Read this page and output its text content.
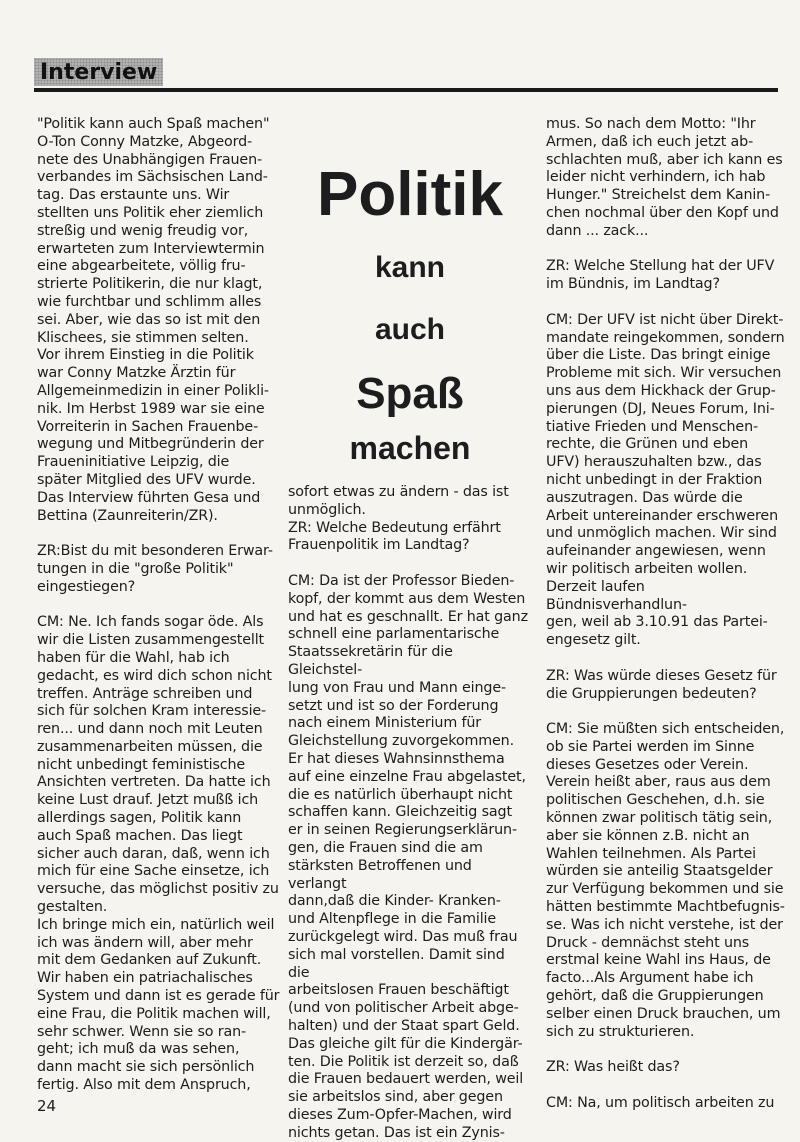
Interview

"Politik kann auch Spaß machen"
O-Ton Conny Matzke, Abgeord-
nete des Unabhängigen Frauen-
verbandes im Sächsischen Land-
tag. Das erstaunte uns. Wir
stellten uns Politik eher ziemlich
streßig und wenig freudig vor,
erwarteten zum Interviewtermin
eine abgearbeitete, völlig fru-
strierte Politikerin, die nur klagt,
wie furchtbar und schlimm alles
sei. Aber, wie das so ist mit den
Klischees, sie stimmen selten.
Vor ihrem Einstieg in die Politik
war Conny Matzke Ärztin für
Allgemeinmedizin in einer Polikli-
nik. Im Herbst 1989 war sie eine
Vorreiterin in Sachen Frauenbe-
wegung und Mitbegründerin der
Fraueninitiative Leipzig, die
später Mitglied des UFV wurde.
Das Interview führten Gesa und
Bettina (Zaunreiterin/ZR).

ZR:Bist du mit besonderen Erwar-
tungen in die "große Politik"
eingestiegen?

CM: Ne. Ich fands sogar öde. Als
wir die Listen zusammengestellt
haben für die Wahl, hab ich
gedacht, es wird dich schon nicht
treffen. Anträge schreiben und
sich für solchen Kram interessie-
ren... und dann noch mit Leuten
zusammenarbeiten müssen, die
nicht unbedingt feministische
Ansichten vertreten. Da hatte ich
keine Lust drauf. Jetzt mußß ich
allerdings sagen, Politik kann
auch Spaß machen. Das liegt
sicher auch daran, daß, wenn ich
mich für eine Sache einsetze, ich
versuche, das möglichst positiv zu
gestalten.

Ich bringe mich ein, natürlich weil
ich was ändern will, aber mehr
mit dem Gedanken auf Zukunft.
Wir haben ein patriachalisches
System und dann ist es gerade für
eine Frau, die Politik machen will,
sehr schwer. Wenn sie so ran-
geht; ich muß da was sehen,
dann macht sie sich persönlich
fertig. Also mit dem Anspruch,

Politik
kann
auch
Spaß
machen

sofort etwas zu ändern - das ist
unmöglich.

ZR: Welche Bedeutung erfährt
Frauenpolitik im Landtag?

CM: Da ist der Professor Bieden-
kopf, der kommt aus dem Westen
und hat es geschnallt. Er hat ganz
schnell eine parlamentarische
Staatssekretärin für die Gleichstel-
lung von Frau und Mann einge-
setzt und ist so der Forderung
nach einem Ministerium für
Gleichstellung zuvorgekommen.
Er hat dieses Wahnsinnsthema
auf eine einzelne Frau abgelastet,
die es natürlich überhaupt nicht
schaffen kann. Gleichzeitig sagt
er in seinen Regierungserklärun-
gen, die Frauen sind die am
stärksten Betroffenen und verlangt
dann,daß die Kinder- Kranken-
und Altenpflege in die Familie
zurückgelegt wird. Das muß frau
sich mal vorstellen. Damit sind die
arbeitslosen Frauen beschäftigt
(und von politischer Arbeit abge-
halten) und der Staat spart Geld.
Das gleiche gilt für die Kindergär-
ten. Die Politik ist derzeit so, daß
die Frauen bedauert werden, weil
sie arbeitslos sind, aber gegen
dieses Zum-Opfer-Machen, wird
nichts getan. Das ist ein Zynis-

mus. So nach dem Motto: "Ihr
Armen, daß ich euch jetzt ab-
schlachten muß, aber ich kann es
leider nicht verhindern, ich hab
Hunger." Streichelst dem Kanin-
chen nochmal über den Kopf und
dann ... zack...

ZR: Welche Stellung hat der UFV
im Bündnis, im Landtag?

CM: Der UFV ist nicht über Direkt-
mandate reingekommen, sondern
über die Liste. Das bringt einige
Probleme mit sich. Wir versuchen
uns aus dem Hickhack der Grup-
pierungen (DJ, Neues Forum, Ini-
tiative Frieden und Menschen-
rechte, die Grünen und eben
UFV) herauszuhalten bzw., das
nicht unbedingt in der Fraktion
auszutragen. Das würde die
Arbeit untereinander erschweren
und unmöglich machen. Wir sind
aufeinander angewiesen, wenn
wir politisch arbeiten wollen.
Derzeit laufen Bündnisverhandlun-
gen, weil ab 3.10.91 das Partei-
engesetz gilt.

ZR: Was würde dieses Gesetz für
die Gruppierungen bedeuten?

CM: Sie müßten sich entscheiden,
ob sie Partei werden im Sinne
dieses Gesetzes oder Verein.
Verein heißt aber, raus aus dem
politischen Geschehen, d.h. sie
können zwar politisch tätig sein,
aber sie können z.B. nicht an
Wahlen teilnehmen. Als Partei
würden sie anteilig Staatsgelder
zur Verfügung bekommen und sie
hätten bestimmte Machtbefugnis-
se. Was ich nicht verstehe, ist der
Druck - demnächst steht uns
erstmal keine Wahl ins Haus, de
facto...Als Argument habe ich
gehört, daß die Gruppierungen
selber einen Druck brauchen, um
sich zu strukturieren.

ZR: Was heißt das?

CM: Na, um politisch arbeiten zu

24
